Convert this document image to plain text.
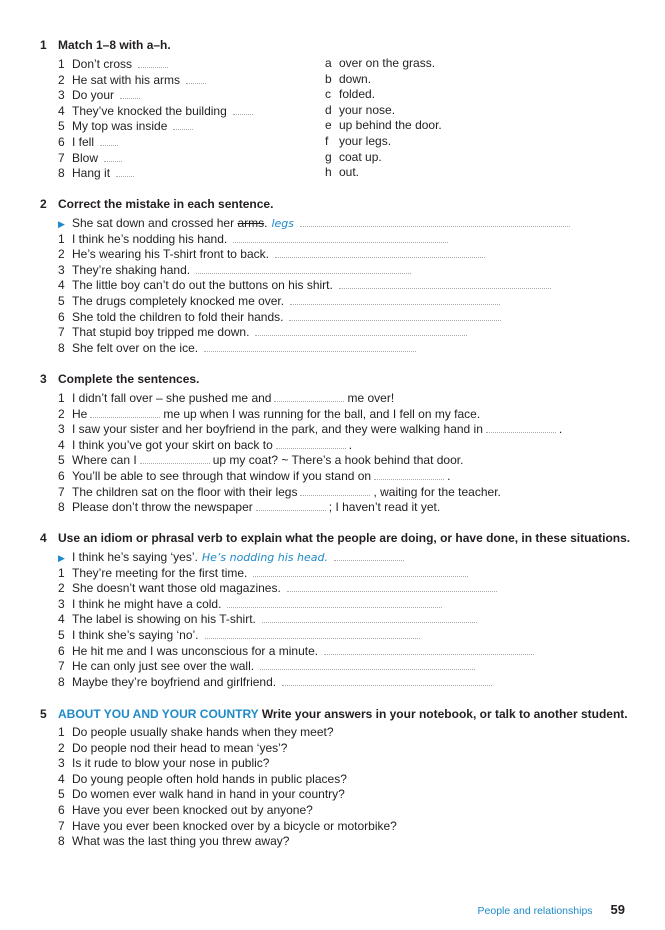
1 Match 1–8 with a–h.
1 Don’t cross
2 He sat with his arms
3 Do your
4 They’ve knocked the building
5 My top was inside
6 I fell
7 Blow
8 Hang it
a over on the grass.
b down.
c folded.
d your nose.
e up behind the door.
f your legs.
g coat up.
h out.
2 Correct the mistake in each sentence.
▶ She sat down and crossed her arms. legs
1 I think he’s nodding his hand.
2 He’s wearing his T-shirt front to back.
3 They’re shaking hand.
4 The little boy can’t do out the buttons on his shirt.
5 The drugs completely knocked me over.
6 She told the children to fold their hands.
7 That stupid boy tripped me down.
8 She felt over on the ice.
3 Complete the sentences.
1 I didn’t fall over – she pushed me and	me over!
2 He	me up when I was running for the ball, and I fell on my face.
3 I saw your sister and her boyfriend in the park, and they were walking hand in	.
4 I think you’ve got your skirt on back to	.
5 Where can I	up my coat? ~ There’s a hook behind that door.
6 You’ll be able to see through that window if you stand on	.
7 The children sat on the floor with their legs	, waiting for the teacher.
8 Please don’t throw the newspaper	; I haven’t read it yet.
4 Use an idiom or phrasal verb to explain what the people are doing, or have done, in these situations.
▶ I think he’s saying ‘yes’. He’s nodding his head.
1 They’re meeting for the first time.
2 She doesn’t want those old magazines.
3 I think he might have a cold.
4 The label is showing on his T-shirt.
5 I think she’s saying ‘no’.
6 He hit me and I was unconscious for a minute.
7 He can only just see over the wall.
8 Maybe they’re boyfriend and girlfriend.
5 ABOUT YOU AND YOUR COUNTRY Write your answers in your notebook, or talk to another student.
1 Do people usually shake hands when they meet?
2 Do people nod their head to mean ‘yes’?
3 Is it rude to blow your nose in public?
4 Do young people often hold hands in public places?
5 Do women ever walk hand in hand in your country?
6 Have you ever been knocked out by anyone?
7 Have you ever been knocked over by a bicycle or motorbike?
8 What was the last thing you threw away?
People and relationships 59
